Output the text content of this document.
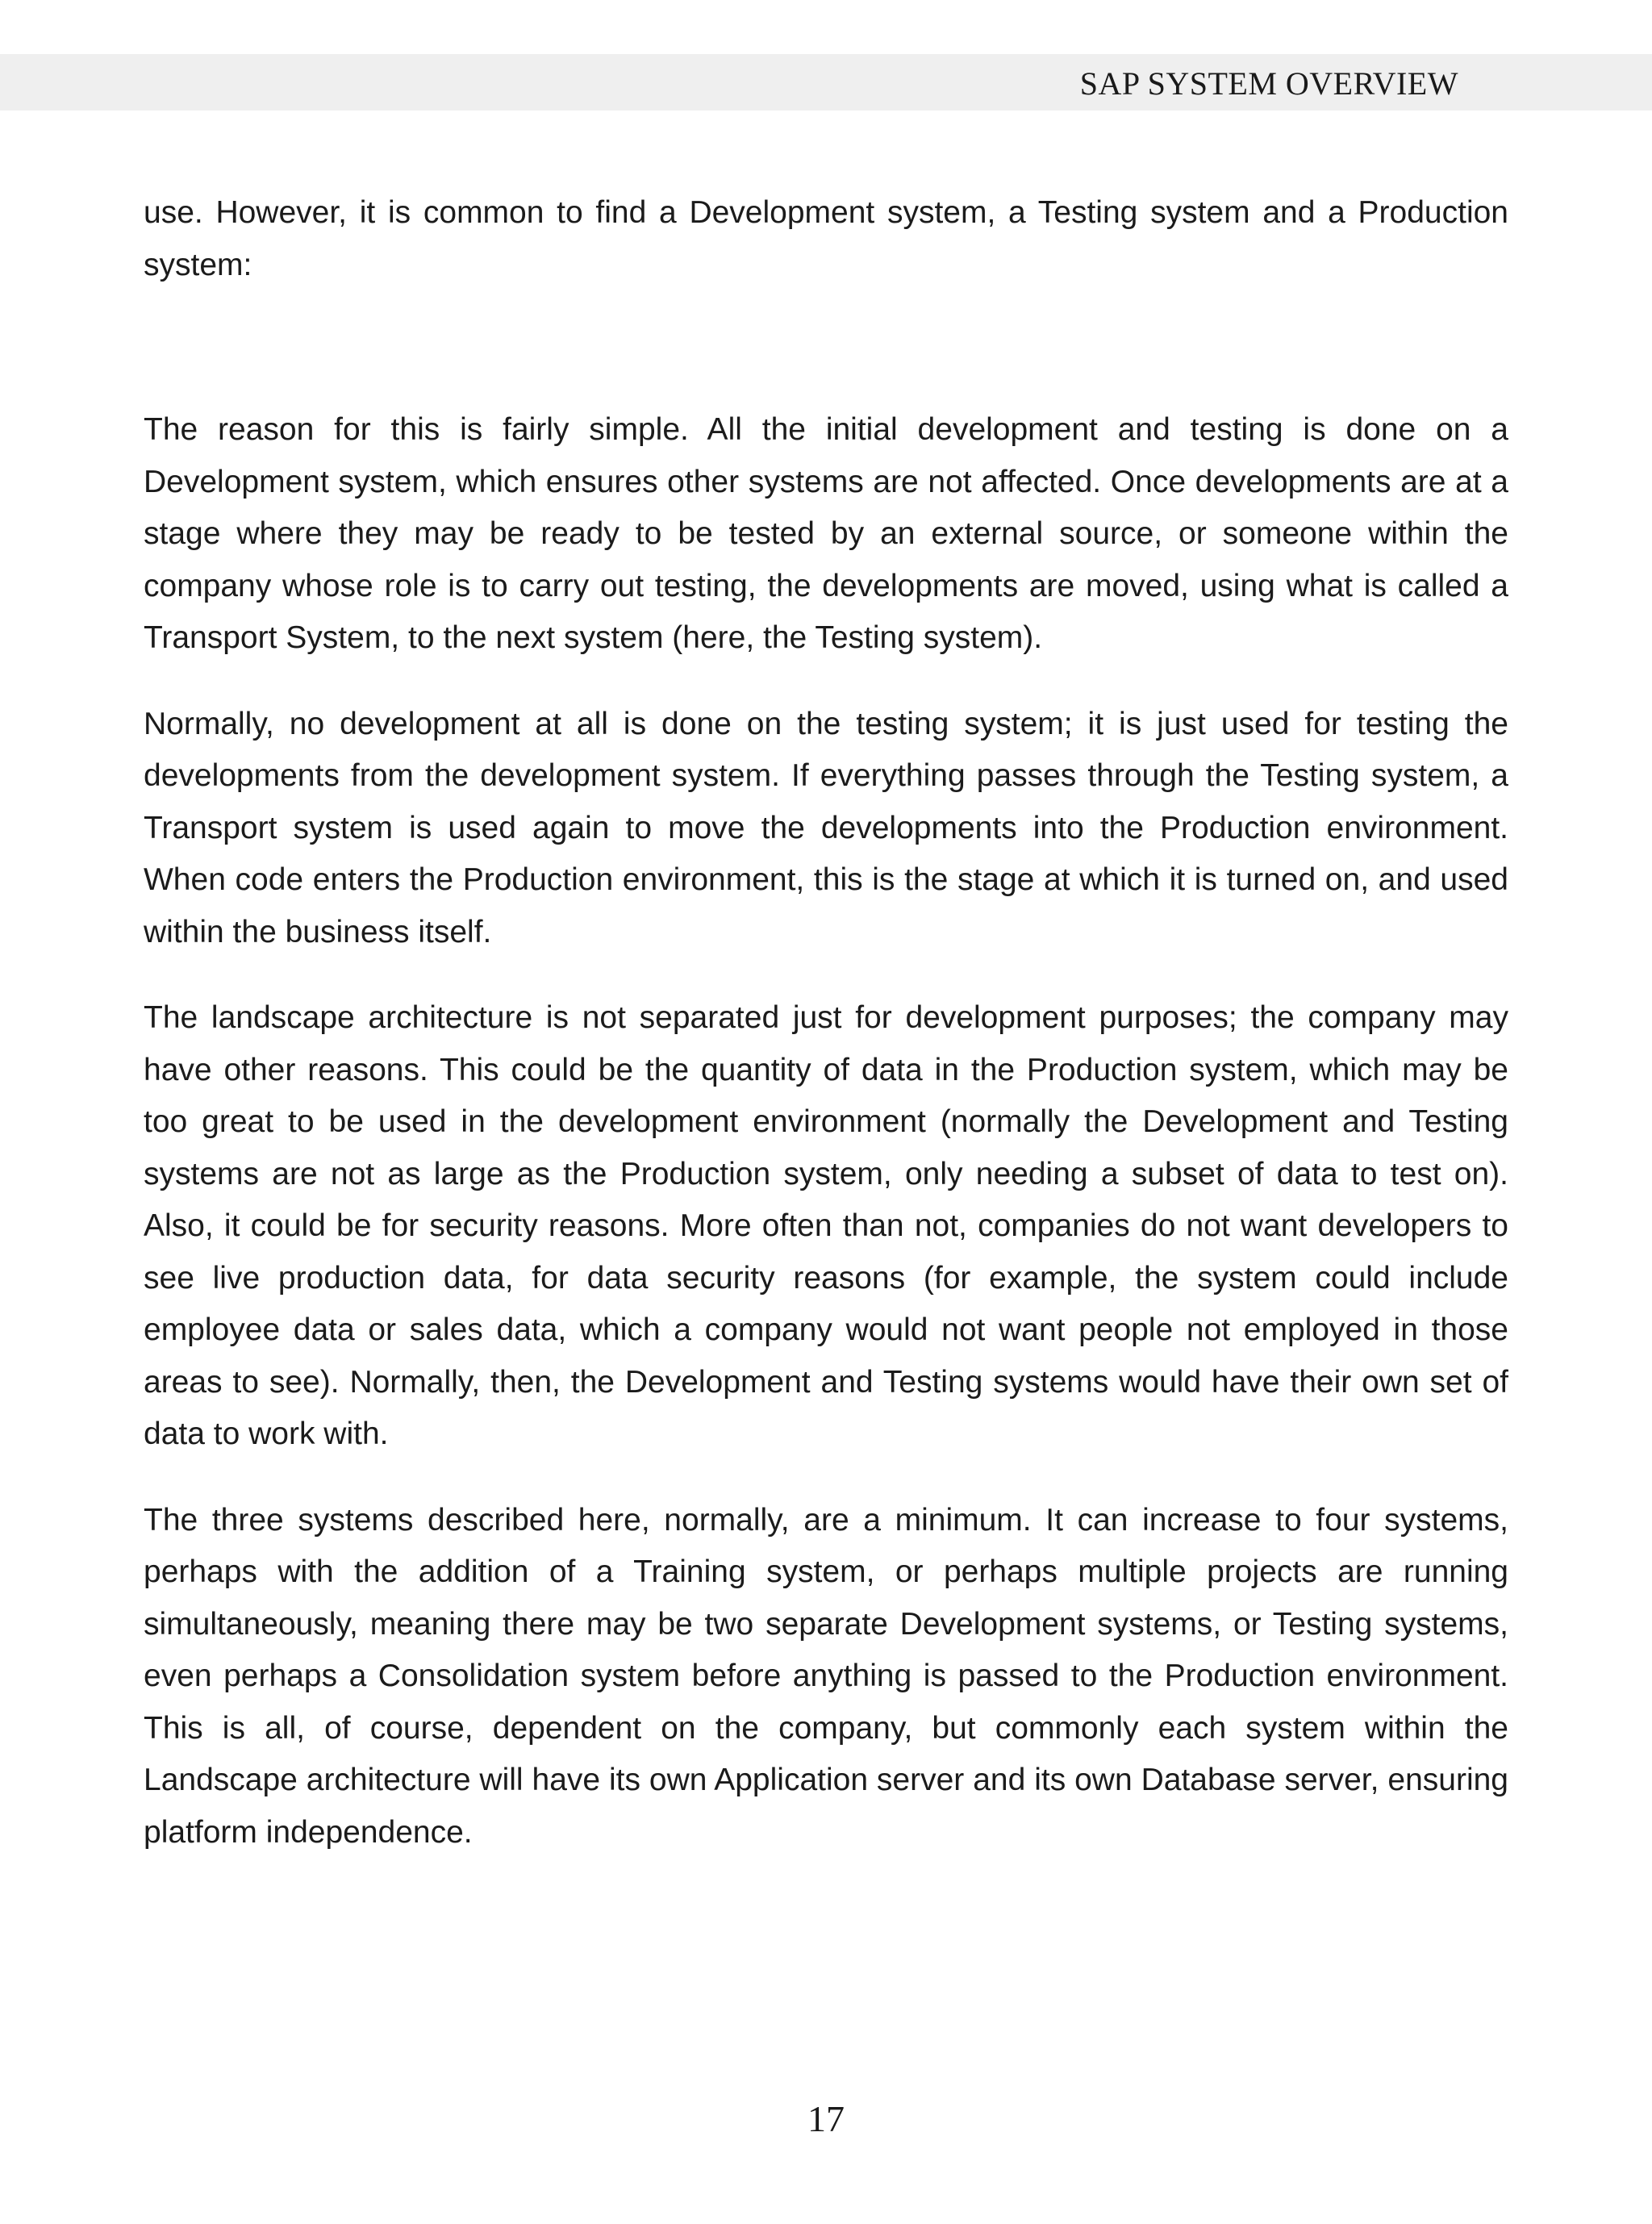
SAP SYSTEM OVERVIEW

use. However, it is common to find a Development system, a Testing system and a Production system:

The reason for this is fairly simple. All the initial development and testing is done on a Development system, which ensures other systems are not affected. Once developments are at a stage where they may be ready to be tested by an external source, or someone within the company whose role is to carry out testing, the developments are moved, using what is called a Transport System, to the next system (here, the Testing system).

Normally, no development at all is done on the testing system; it is just used for testing the developments from the development system. If everything passes through the Testing system, a Transport system is used again to move the developments into the Production environment. When code enters the Production environment, this is the stage at which it is turned on, and used within the business itself.

The landscape architecture is not separated just for development purposes; the company may have other reasons. This could be the quantity of data in the Production system, which may be too great to be used in the development environment (normally the Development and Testing systems are not as large as the Production system, only needing a subset of data to test on). Also, it could be for security reasons. More often than not, companies do not want developers to see live production data, for data security reasons (for example, the system could include employee data or sales data, which a company would not want people not employed in those areas to see). Normally, then, the Development and Testing systems would have their own set of data to work with.

The three systems described here, normally, are a minimum. It can increase to four systems, perhaps with the addition of a Training system, or perhaps multiple projects are running simultaneously, meaning there may be two separate Development systems, or Testing systems, even perhaps a Consolidation system before anything is passed to the Production environment. This is all, of course, dependent on the company, but commonly each system within the Landscape architecture will have its own Application server and its own Database server, ensuring platform independence.

17
